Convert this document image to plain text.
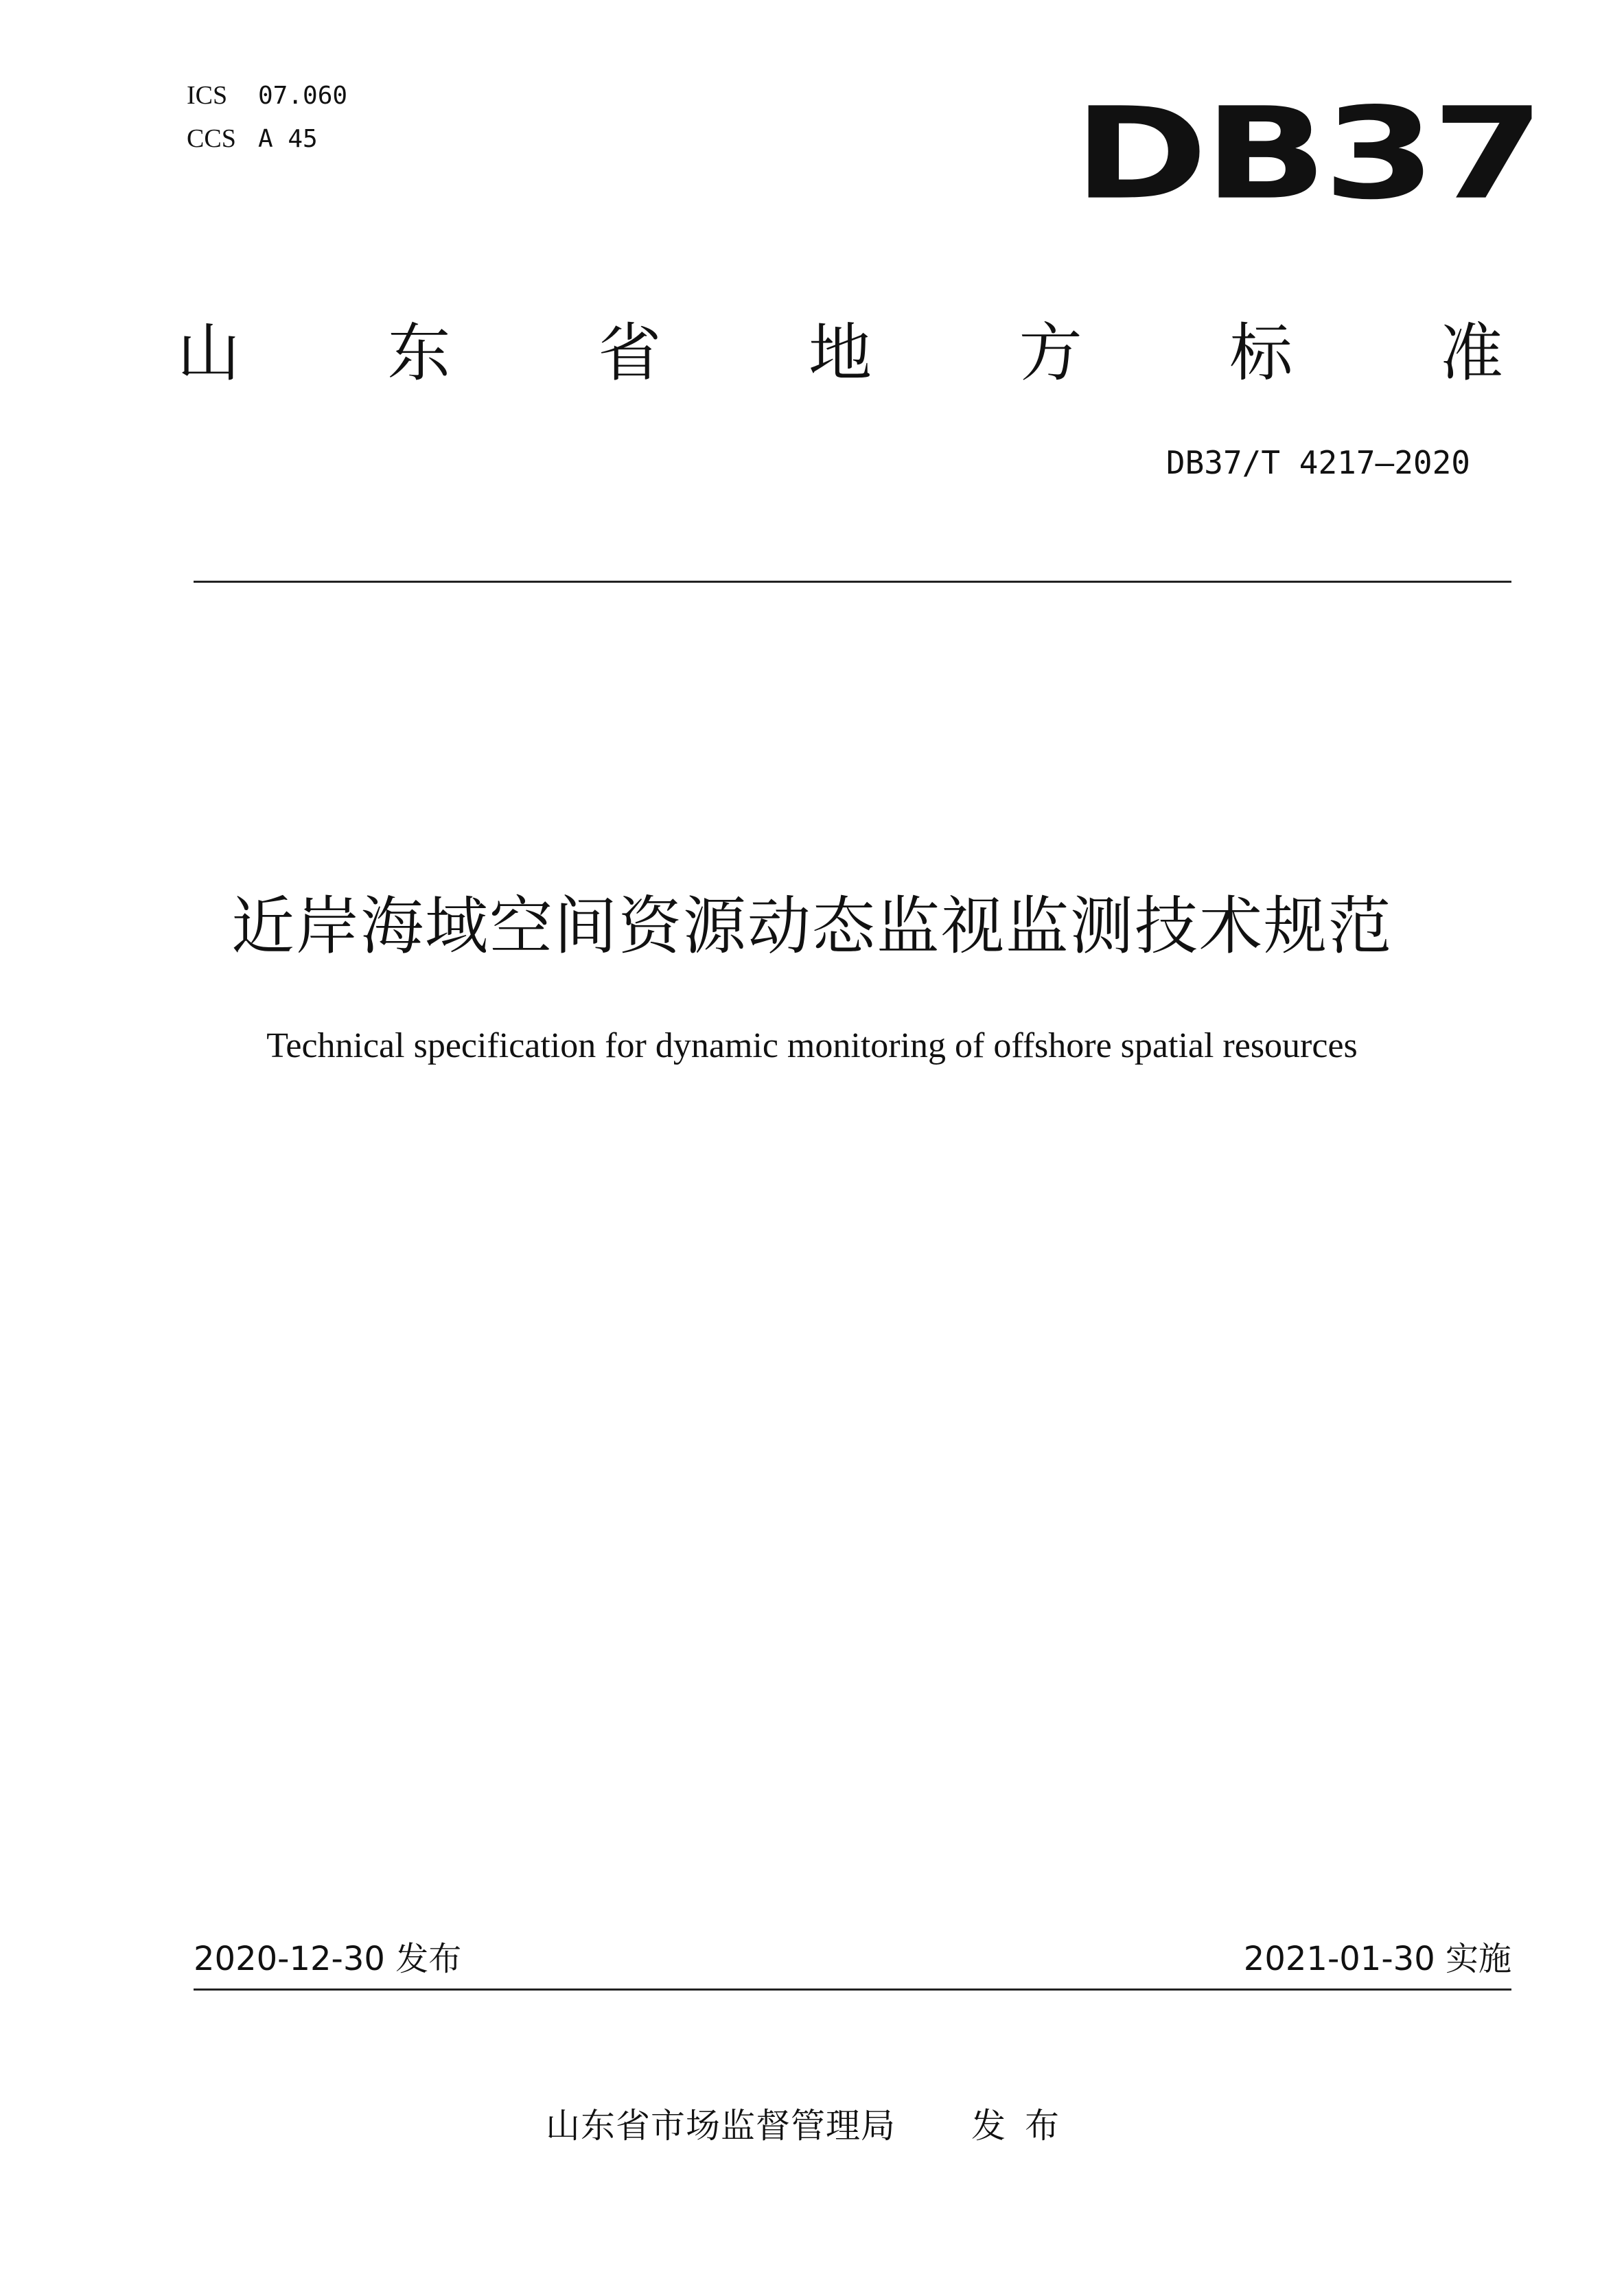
ICS	07.060
CCS A 45	DB37
山 东 省 地 方 标 准
DB37/T 4217—2020
近岸海域空间资源动态监视监测技术规范
Technical specification for dynamic monitoring of offshore spatial resources
2020-12-30 发布	2021-01-30 实施
山东省市场监督管理局 发布
